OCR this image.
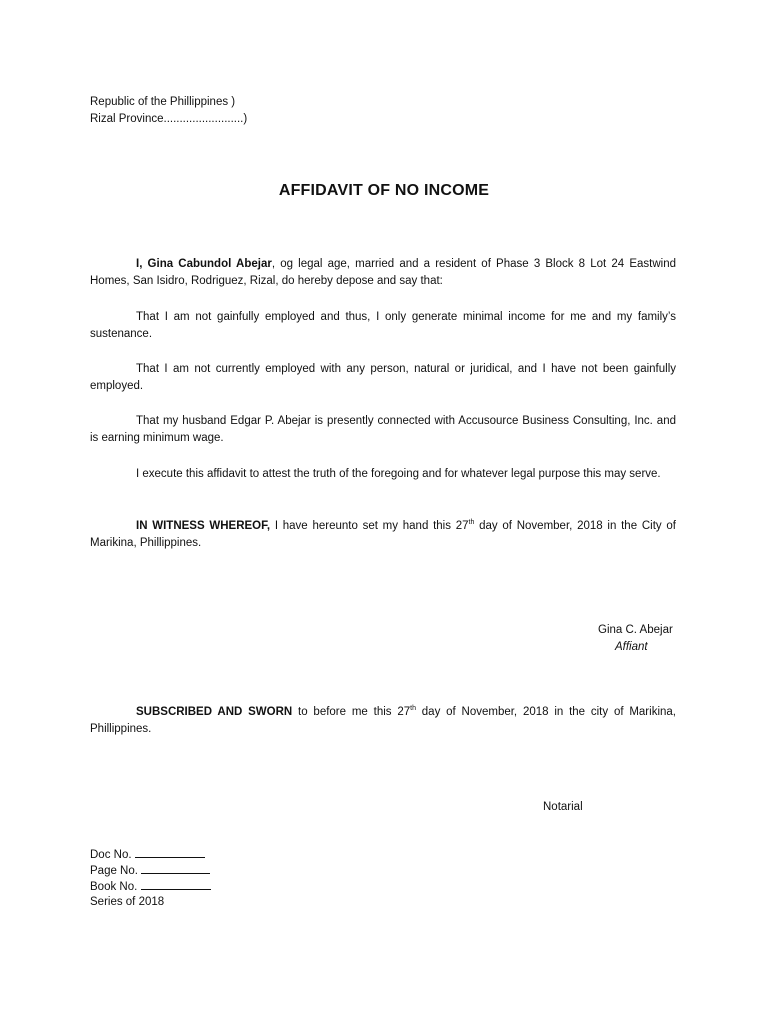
Republic of the Phillippines )
Rizal Province.........................)
AFFIDAVIT OF NO INCOME

I, Gina Cabundol Abejar, og legal age, married and a resident of Phase 3 Block 8 Lot 24 Eastwind Homes, San Isidro, Rodriguez, Rizal, do hereby depose and say that:

That I am not gainfully employed and thus, I only generate minimal income for me and my family’s sustenance.

That I am not currently employed with any person, natural or juridical, and I have not been gainfully employed.

That my husband Edgar P. Abejar is presently connected with Accusource Business Consulting, Inc. and is earning minimum wage.

I execute this affidavit to attest the truth of the foregoing and for whatever legal purpose this may serve.

IN WITNESS WHEREOF, I have hereunto set my hand this 27th day of November, 2018 in the City of Marikina, Phillippines.

Gina C. Abejar
Affiant

SUBSCRIBED AND SWORN to before me this 27th day of November, 2018 in the city of Marikina, Phillippines.

Notarial
Doc No.
Page No.
Book No.
Series of 2018
